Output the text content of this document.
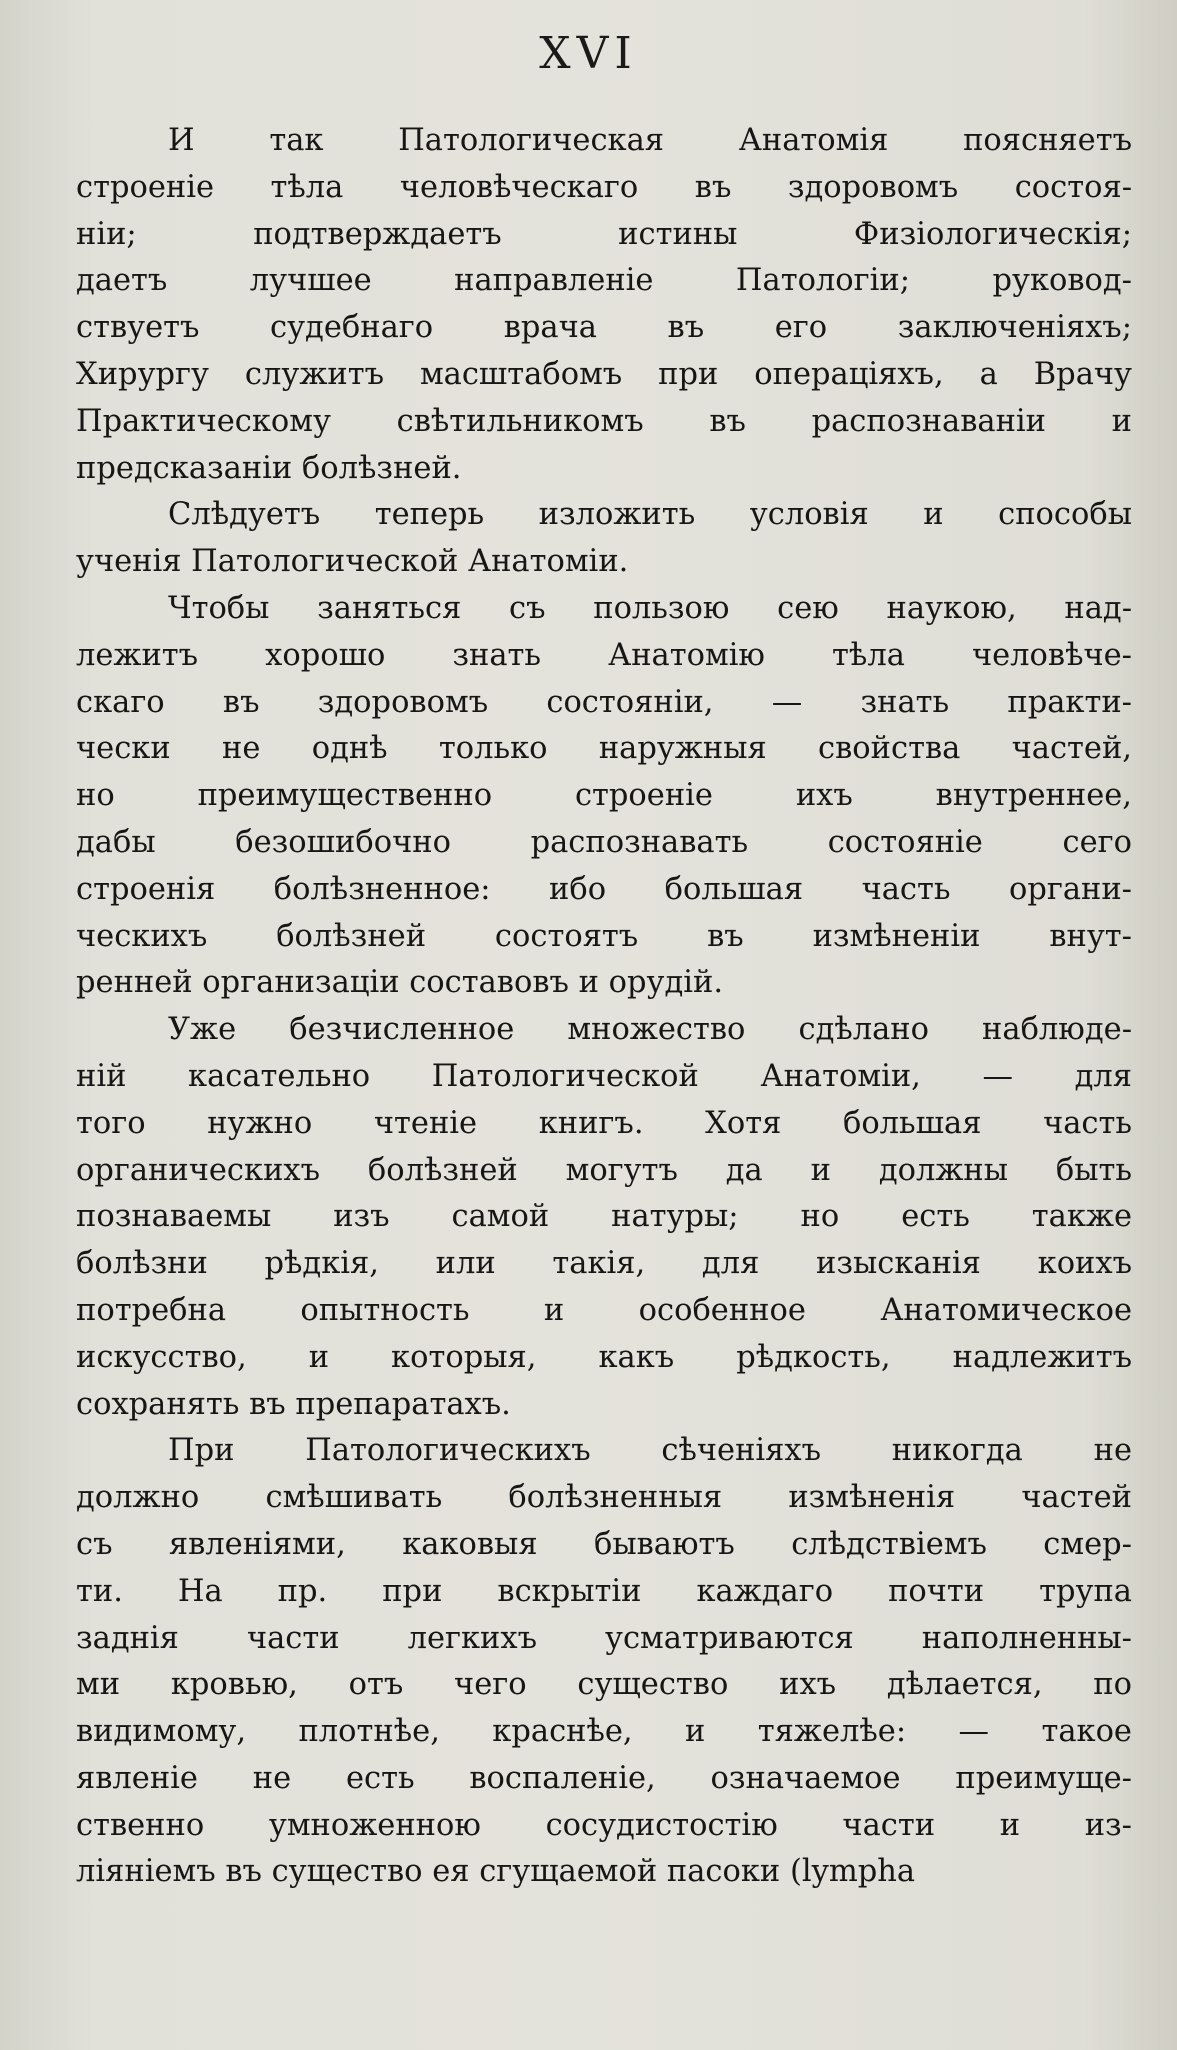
XVI
И так Патологическая Анатомія поясняетъ
строеніе тѣла человѣческаго въ здоровомъ состоя-
ніи; подтверждаетъ истины Физіологическія;
даетъ лучшее направленіе Патологіи; руковод-
ствуетъ судебнаго врача въ его заключеніяхъ;
Хирургу служитъ масштабомъ при операціяхъ, а Врачу
Практическому свѣтильникомъ въ распознаваніи и
предсказаніи болѣзней.
Слѣдуетъ теперь изложить условія и способы
ученія Патологической Анатоміи.
Чтобы заняться съ пользою сею наукою, над-
лежитъ хорошо знать Анатомію тѣла человѣче-
скаго въ здоровомъ состояніи, — знать практи-
чески не однѣ только наружныя свойства частей,
но преимущественно строеніе ихъ внутреннее,
дабы безошибочно распознавать состояніе сего
строенія болѣзненное: ибо большая часть органи-
ческихъ болѣзней состоятъ въ измѣненіи внут-
ренней организаціи составовъ и орудій.
Уже безчисленное множество сдѣлано наблюде-
ній касательно Патологической Анатоміи, — для
того нужно чтеніе книгъ. Хотя большая часть
органическихъ болѣзней могутъ да и должны быть
познаваемы изъ самой натуры; но есть также
болѣзни рѣдкія, или такія, для изысканія коихъ
потребна опытность и особенное Анатомическое
искусство, и которыя, какъ рѣдкость, надлежитъ
сохранять въ препаратахъ.
При Патологическихъ сѣченіяхъ никогда не
должно смѣшивать болѣзненныя измѣненія частей
съ явленіями, каковыя бываютъ слѣдствіемъ смер-
ти. На пр. при вскрытіи каждаго почти трупа
заднія части легкихъ усматриваются наполненны-
ми кровью, отъ чего существо ихъ дѣлается, по
видимому, плотнѣе, краснѣе, и тяжелѣе: — такое
явленіе не есть воспаленіе, означаемое преимуще-
ственно умноженною сосудистостію части и из-
ліяніемъ въ существо ея сгущаемой пасоки (lympha
